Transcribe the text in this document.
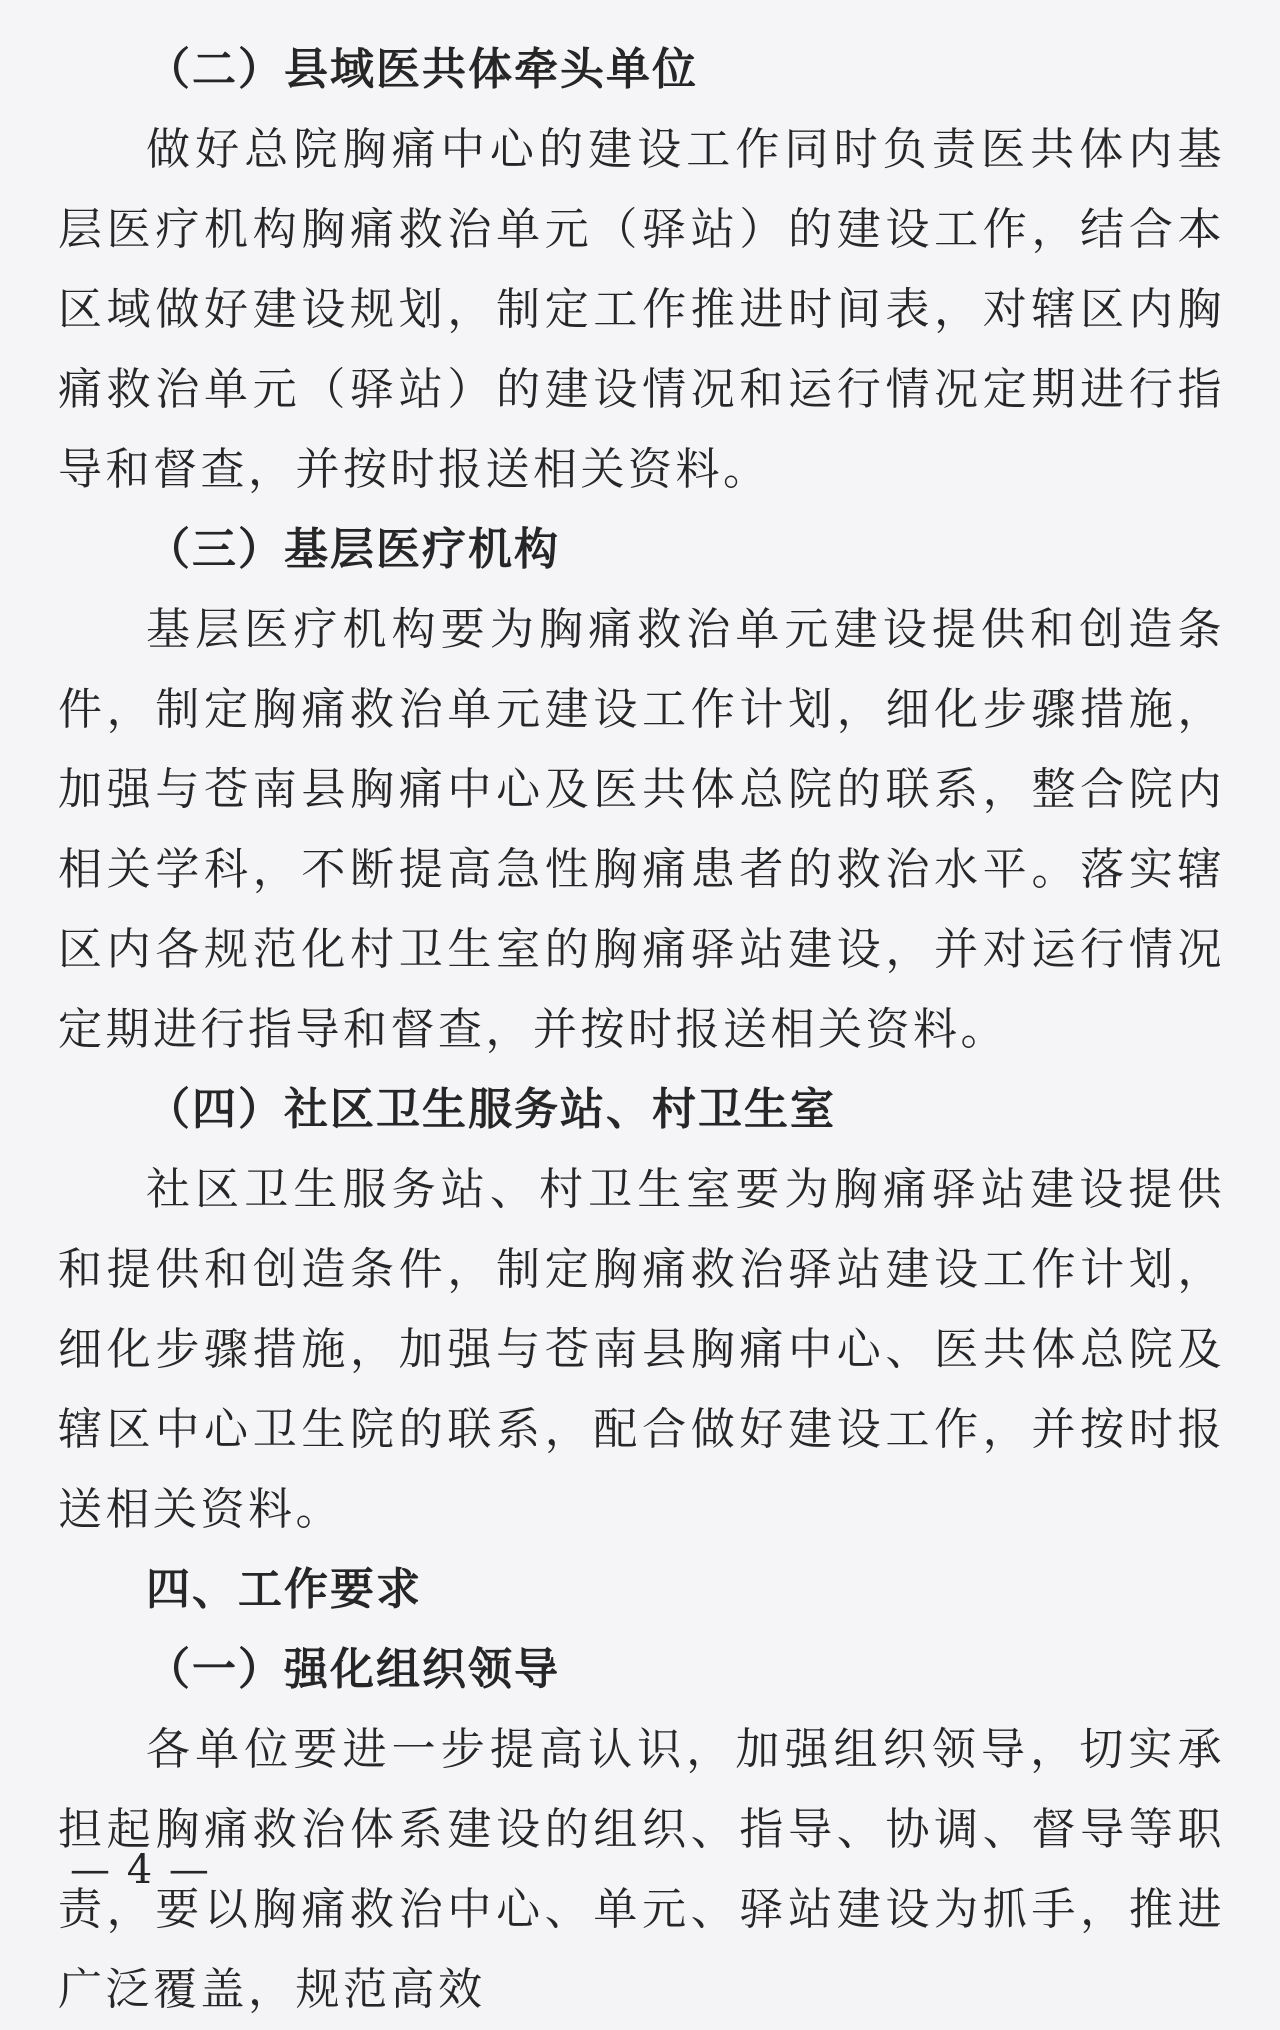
（二）县域医共体牵头单位

做好总院胸痛中心的建设工作同时负责医共体内基层医疗机构胸痛救治单元（驿站）的建设工作，结合本区域做好建设规划，制定工作推进时间表，对辖区内胸痛救治单元（驿站）的建设情况和运行情况定期进行指导和督查，并按时报送相关资料。

（三）基层医疗机构

基层医疗机构要为胸痛救治单元建设提供和创造条件，制定胸痛救治单元建设工作计划，细化步骤措施，加强与苍南县胸痛中心及医共体总院的联系，整合院内相关学科，不断提高急性胸痛患者的救治水平。落实辖区内各规范化村卫生室的胸痛驿站建设，并对运行情况定期进行指导和督查，并按时报送相关资料。

（四）社区卫生服务站、村卫生室

社区卫生服务站、村卫生室要为胸痛驿站建设提供和提供和创造条件，制定胸痛救治驿站建设工作计划，细化步骤措施，加强与苍南县胸痛中心、医共体总院及辖区中心卫生院的联系，配合做好建设工作，并按时报送相关资料。

四、工作要求
（一）强化组织领导

各单位要进一步提高认识，加强组织领导，切实承担起胸痛救治体系建设的组织、指导、协调、督导等职责，要以胸痛救治中心、单元、驿站建设为抓手，推进广泛覆盖，规范高效

— 4 —
